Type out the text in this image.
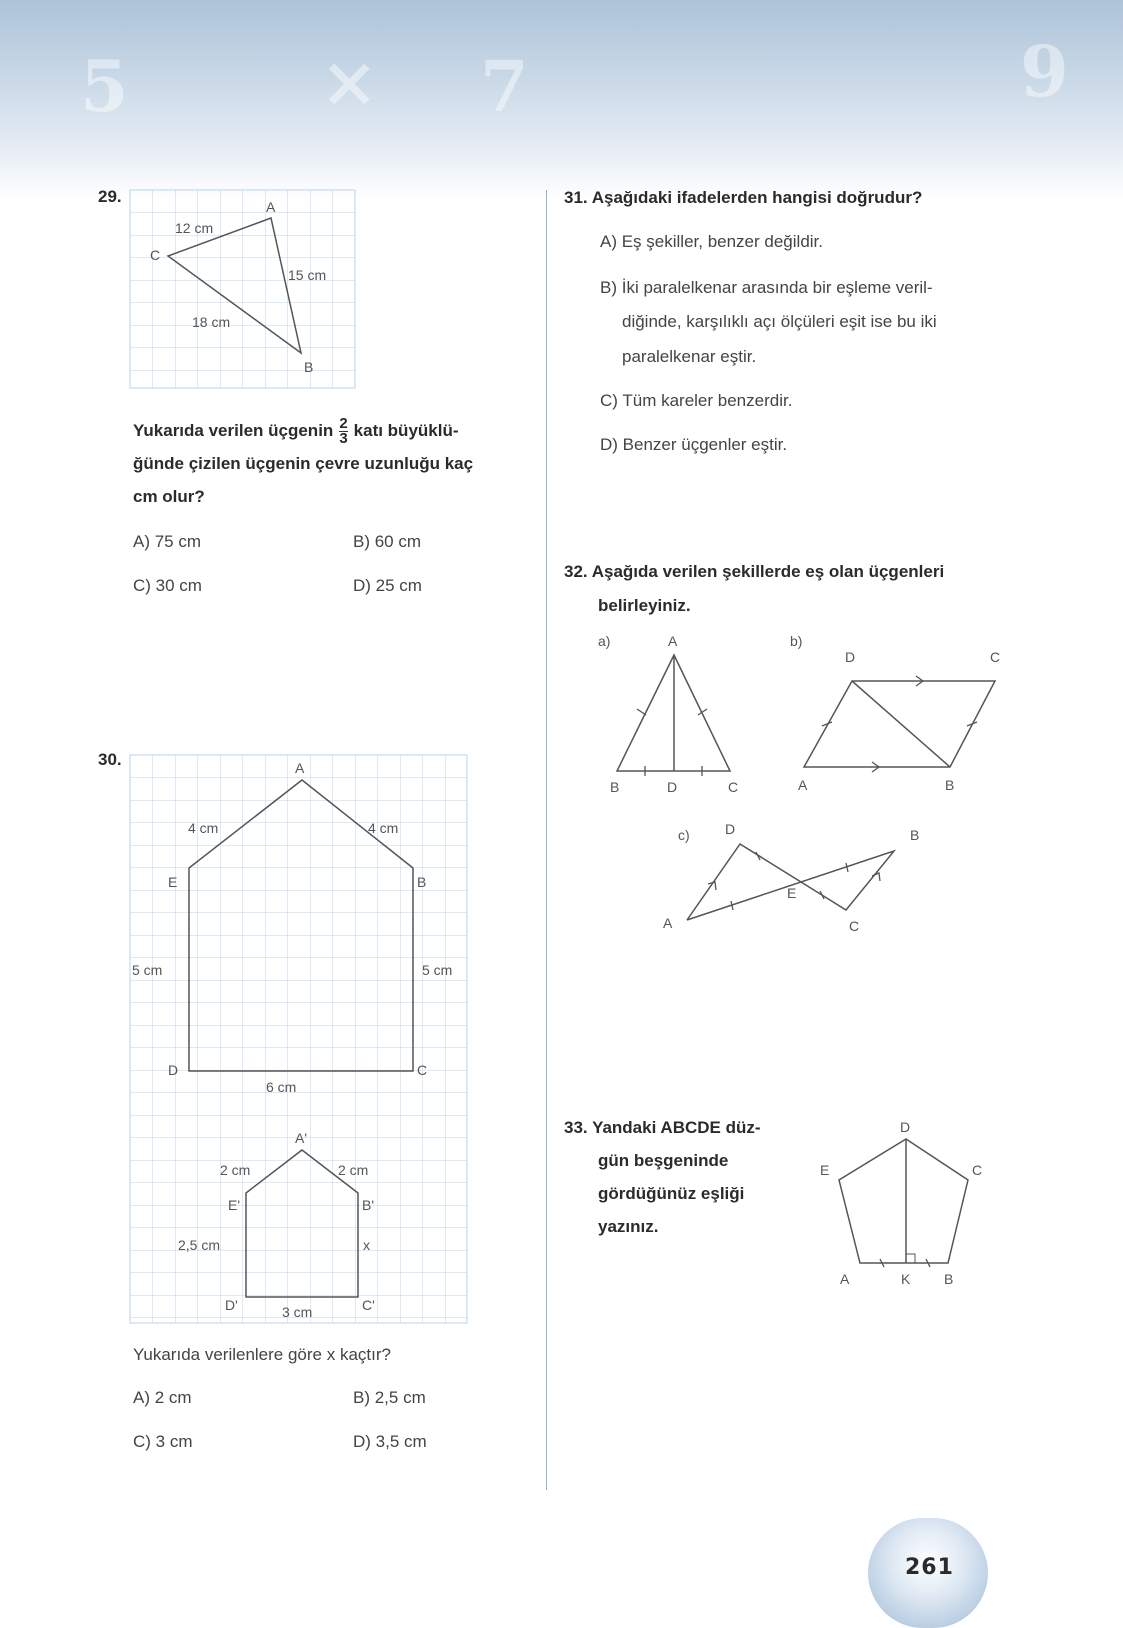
5	× 7	9
29.
A
C
B
12 cm
15 cm
18 cm
Yukarıda verilen üçgenin $\frac{2}{3}$ katı büyüklü-
ğünde çizilen üçgenin çevre uzunluğu kaç
cm olur?
A) 75 cm	B) 60 cm
C) 30 cm	D) 25 cm
30.	A
B
C
D
E
4 cm	4 cm
5 cm	5 cm
6 cm
A'
B'
C'
D'
E'
2 cm	2 cm
2,5 cm	x
3 cm
Yukarıda verilenlere göre x kaçtır?
A) 2 cm	B) 2,5 cm
C) 3 cm	D) 3,5 cm
31. Aşağıdaki ifadelerden hangisi doğrudur?
A) Eş şekiller, benzer değildir.
B) İki paralelkenar arasında bir eşleme veril-
diğinde, karşılıklı açı ölçüleri eşit ise bu iki
paralelkenar eştir.
C) Tüm kareler benzerdir.
D) Benzer üçgenler eştir.
32. Aşağıda verilen şekillerde eş olan üçgenleri
belirleyiniz.
a)	A
B	D	C
b)
D	C
A	B
c)	D	B
E
A	C
33. Yandaki ABCDE düz-
gün beşgeninde
gördüğünüz eşliği
yazınız.
D
C
E
A	K B
261
